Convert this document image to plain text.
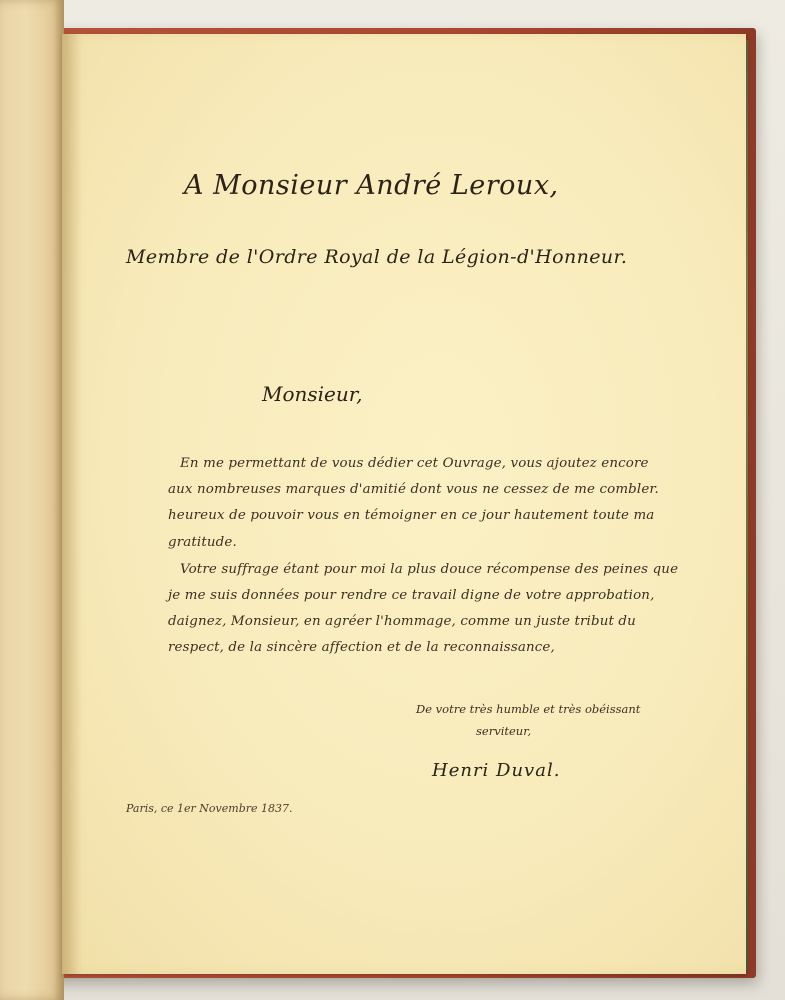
A Monsieur André Leroux,
Membre de l'Ordre Royal de la Légion-d'Honneur.
Monsieur,
En me permettant de vous dédier cet Ouvrage, vous ajoutez encore
aux nombreuses marques d'amitié dont vous ne cessez de me combler.
heureux de pouvoir vous en témoigner en ce jour hautement toute ma
gratitude.
Votre suffrage étant pour moi la plus douce récompense des peines que
je me suis données pour rendre ce travail digne de votre approbation,
daignez, Monsieur, en agréer l'hommage, comme un juste tribut du
respect, de la sincère affection et de la reconnaissance,
De votre très humble et très obéissant
serviteur,
Henri Duval.
Paris, ce 1er Novembre 1837.
